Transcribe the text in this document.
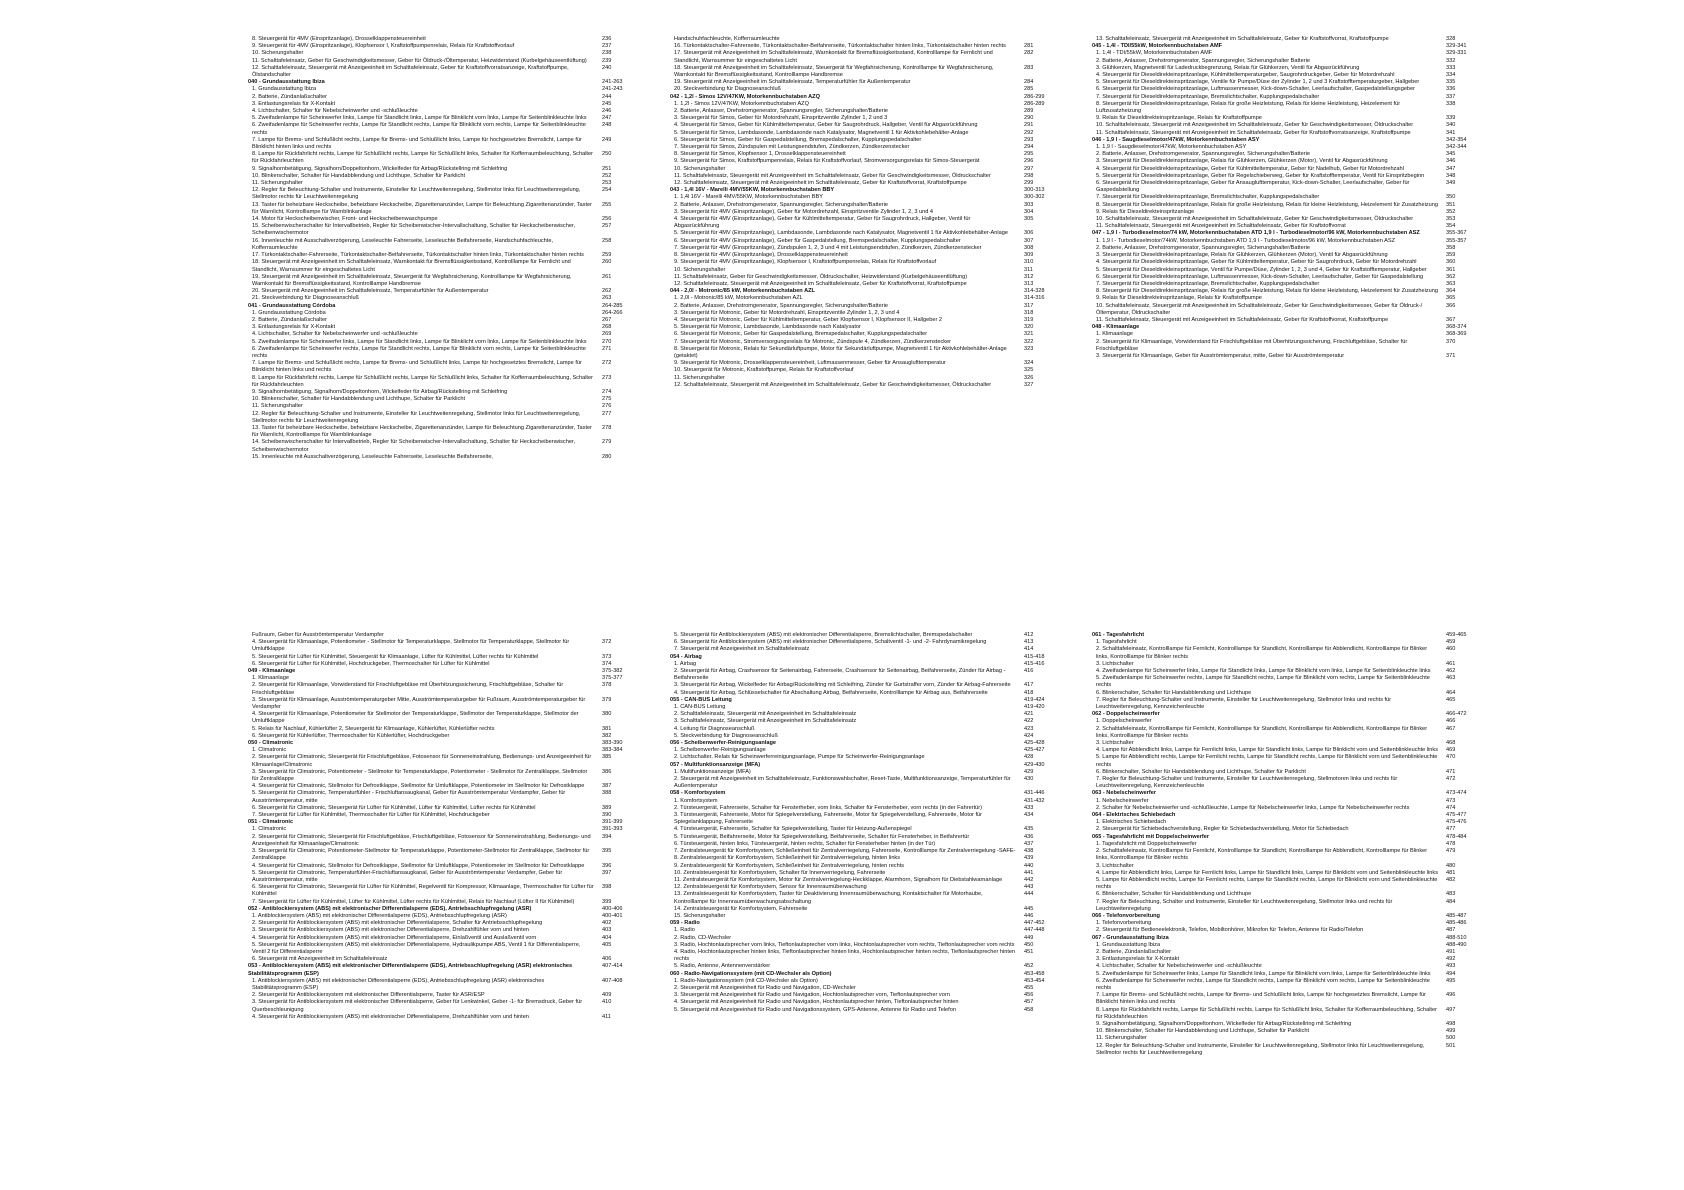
8. Steuergerät für 4MV (Einspritzanlage), Drosselklappensteuereinheit	236
9. Steuergerät für 4MV (Einspritzanlage), Klopfsensor I, Kraftstoffpumpenrelais, Relais für Kraftstoffvorlauf	237
10. Sicherungshalter	238
11. Schalttafeleinsatz, Geber für Geschwindigkeitsmesser, Geber für Öldruck-/Öltemperatur, Heizwiderstand (Kurbelgehäuseentlüftung)	239
12. Schalttafeleinsatz, Steuergerät mit Anzeigeeinheit im Schalttafeleinsatz, Geber für Kraftstoffvorratsanzeige, Kraftstoffpumpe, Ölstandschalter
240
040 - Grundausstattung Ibiza	241-263
1. Grundausstattung Ibiza	241-243
2. Batterie, Zündanlaßschalter	244
3. Entlastungsrelais für X-Kontakt	245
4. Lichtschalter, Schalter für Nebelscheinwerfer und -schlußleuchte	246
5. Zweifadenlampe für Scheinwerfer links, Lampe für Standlicht links, Lampe für Blinklicht vorn links, Lampe für Seitenblinkleuchte links	247
6. Zweifadenlampe für Scheinwerfer rechts, Lampe für Standlicht rechts, Lampe für Blinklicht vorn rechts, Lampe für Seitenblinkleuchte rechts
248
7. Lampe für Brems- und Schlußlicht rechts, Lampe für Brems- und Schlußlicht links, Lampe für hochgesetztes Bremslicht, Lampe für Blinklicht hinten links und rechts
249
8. Lampe für Rückfahrlicht rechts, Lampe für Schlußlicht rechts, Lampe für Schlußlicht links, Schalter für Kofferraumbeleuchtung, Schalter für Rückfahrleuchten
250
9. Signalhornbetätigung, Signalhorn/Doppeltonhorn, Wickelfeder für Airbag/Rückstellring mit Schleifring	251
10. Blinkerschalter, Schalter für Handabblendung und Lichthupe, Schalter für Parklicht	252
11. Sicherungshalter	253
12. Regler für Beleuchtung-Schalter und Instrumente, Einsteller für Leuchtweitenregelung, Stellmotor links für Leuchtweitenregelung, Stellmotor rechts für Leuchtweitenregelung
254
13. Taster für beheizbare Heckscheibe, beheizbare Heckscheibe, Zigarettenanzünder, Lampe für Beleuchtung Zigarettenanzünder, Taster für Warnlicht, Kontrolllampe für Warnblinkanlage
255
14. Motor für Heckscheibenwischer, Front- und Heckscheibenwaschpumpe	256
15. Scheibenwischerschalter für Intervallbetrieb, Regler für Scheibenwischer-Intervallschaltung, Schalter für Heckscheibenwischer, Scheibenwischermotor
257
16. Innenleuchte mit Ausschaltverzögerung, Leseleuchte Fahrerseite, Leseleuchte Beifahrerseite, Handschuhfachleuchte, Kofferraumleuchte
258
17. Türkontaktschalter-Fahrerseite, Türkontaktschalter-Beifahrerseite, Türkontaktschalter hinten links, Türkontaktschalter hinten rechts	259
18. Steuergerät mit Anzeigeeinheit im Schalttafeleinsatz, Warnkontakt für Bremsflüssigkeitsstand, Kontrolllampe für Fernlicht und Standlicht, Warnsummer für eingeschaltetes Licht
260
19. Steuergerät mit Anzeigeeinheit im Schalttafeleinsatz, Steuergerät für Wegfahrsicherung, Kontrolllampe für Wegfahrsicherung, Warnkontakt für Bremsflüssigkeitsstand, Kontrolllampe Handbremse
261
20. Steuergerät mit Anzeigeeinheit im Schalttafeleinsatz, Temperaturfühler für Außentemperatur	262
21. Steckverbindung für Diagnoseanschluß	263
041 - Grundausstattung Córdoba	264-285
1. Grundausstattung Córdoba	264-266
2. Batterie, Zündanlaßschalter	267
3. Entlastungsrelais für X-Kontakt	268
4. Lichtschalter, Schalter für Nebelscheinwerfer und -schlußleuchte	269
5. Zweifadenlampe für Scheinwerfer links, Lampe für Standlicht links, Lampe für Blinklicht vorn links, Lampe für Seitenblinkleuchte links	270
6. Zweifadenlampe für Scheinwerfer rechts, Lampe für Standlicht rechts, Lampe für Blinklicht vorn rechts, Lampe für Seitenblinkleuchte rechts
271
7. Lampe für Brems- und Schlußlicht rechts, Lampe für Brems- und Schlußlicht links, Lampe für hochgesetztes Bremslicht, Lampe für Blinklicht hinten links und rechts
272
8. Lampe für Rückfahrlicht rechts, Lampe für Schlußlicht rechts, Lampe für Schlußlicht links, Schalter für Kofferraumbeleuchtung, Schalter für Rückfahrleuchten
273
9. Signalhornbetätigung, Signalhorn/Doppeltonhorn, Wickelfeder für Airbag/Rückstellring mit Schleifring	274
10. Blinkerschalter, Schalter für Handabblendung und Lichthupe, Schalter für Parklicht	275
11. Sicherungshalter	276
12. Regler für Beleuchtung-Schalter und Instrumente, Einsteller für Leuchtweitenregelung, Stellmotor links für Leuchtweitenregelung, Stellmotor rechts für Leuchtweitenregelung
277
13. Taster für beheizbare Heckscheibe, beheizbare Heckscheibe, Zigarettenanzünder, Lampe für Beleuchtung Zigarettenanzünder, Taster für Warnlicht, Kontrolllampe für Warnblinkanlage
278
14. Scheibenwischerschalter für Intervallbetrieb, Regler für Scheibenwischer-Intervallschaltung, Schalter für Heckscheibenwischer, Scheibenwischermotor
279
15. Innenleuchte mit Ausschaltverzögerung, Leseleuchte Fahrerseite, Leseleuchte Beifahrerseite,	280
Handschuhfachleuchte, Kofferraumleuchte
16. Türkontaktschalter-Fahrerseite, Türkontaktschalter-Beifahrerseite, Türkontaktschalter hinten links, Türkontaktschalter hinten rechts	281
17. Steuergerät mit Anzeigeeinheit im Schalttafeleinsatz, Warnkontakt für Bremsflüssigkeitsstand, Kontrolllampe für Fernlicht und Standlicht, Warnsummer für eingeschaltetes Licht
282
18. Steuergerät mit Anzeigeeinheit im Schalttafeleinsatz, Steuergerät für Wegfahrsicherung, Kontrolllampe für Wegfahrsicherung, Warnkontakt für Bremsflüssigkeitsstand, Kontrolllampe Handbremse
283
19. Steuergerät mit Anzeigeeinheit im Schalttafeleinsatz, Temperaturfühler für Außentemperatur	284
20. Steckverbindung für Diagnoseanschluß	285
042 - 1,2l - Simos 12V/47KW, Motorkennbuchstaben AZQ	286-299
1. 1,2l - Simos 12V/47KW, Motorkennbuchstaben AZQ	286-289
2. Batterie, Anlasser, Drehstromgenerator, Spannungsregler, Sicherungshalter/Batterie	289
3. Steuergerät für Simos, Geber für Motordrehzahl, Einspritzventile Zylinder 1, 2 und 3	290
4. Steuergerät für Simos, Geber für Kühlmitteltemperatur, Geber für Saugrohrdruck, Hallgeber, Ventil für Abgasrückführung	291
5. Steuergerät für Simos, Lambdasonde, Lambdasonde nach Katalysator, Magnetventil 1 für Aktivkohlebehälter-Anlage	292
6. Steuergerät für Simos, Geber für Gaspedalstellung, Bremspedalschalter, Kupplungspedalschalter	293
7. Steuergerät für Simos, Zündspulen mit Leistungsendstufen, Zündkerzen, Zündkerzenstecker	294
8. Steuergerät für Simos, Klopfsensor 1, Drosselklappensteuereinheit	295
9. Steuergerät für Simos, Kraftstoffpumpenrelais, Relais für Kraftstoffvorlauf, Stromversorgungsrelais für Simos-Steuergerät	296
10. Sicherungshalter	297
11. Schalttafeleinsatz, Steuergerät mit Anzeigeeinheit im Schalttafeleinsatz, Geber für Geschwindigkeitsmesser, Öldruckschalter	298
12. Schalttafeleinsatz, Steuergerät mit Anzeigeeinheit im Schalttafeleinsatz, Geber für Kraftstoffvorrat, Kraftstoffpumpe	299
043 - 1,4l 16V - Marelli 4MV/55KW, Motorkennbuchstaben BBY	300-313
1. 1,4l 16V - Marelli 4MV/55KW, Motorkennbuchstaben BBY	300-302
2. Batterie, Anlasser, Drehstromgenerator, Spannungsregler, Sicherungshalter/Batterie	303
3. Steuergerät für 4MV (Einspritzanlage), Geber für Motordrehzahl, Einspritzventile Zylinder 1, 2, 3 und 4	304
4. Steuergerät für 4MV (Einspritzanlage), Geber für Kühlmitteltemperatur, Geber für Saugrohrdruck, Hallgeber, Ventil für Abgasrückführung
305
5. Steuergerät für 4MV (Einspritzanlage), Lambdasonde, Lambdasonde nach Katalysator, Magnetventil 1 für Aktivkohlebehälter-Anlage	306
6. Steuergerät für 4MV (Einspritzanlage), Geber für Gaspedalstellung, Bremspedalschalter, Kupplungspedalschalter	307
7. Steuergerät für 4MV (Einspritzanlage), Zündspulen 1, 2, 3 und 4 mit Leistungsendstufen, Zündkerzen, Zündkerzenstecker	308
8. Steuergerät für 4MV (Einspritzanlage), Drosselklappensteuereinheit	309
9. Steuergerät für 4MV (Einspritzanlage), Klopfsensor I, Kraftstoffpumpenrelais, Relais für Kraftstoffvorlauf	310
10. Sicherungshalter	311
11. Schalttafeleinsatz, Geber für Geschwindigkeitsmesser, Öldruckschalter, Heizwiderstand (Kurbelgehäuseentlüftung)	312
12. Schalttafeleinsatz, Steuergerät mit Anzeigeeinheit im Schalttafeleinsatz, Geber für Kraftstoffvorrat, Kraftstoffpumpe	313
044 - 2,0l - Motronic/85 kW, Motorkennbuchstaben AZL	314-328
1. 2,0l - Motronic/85 kW, Motorkennbuchstaben AZL	314-316
2. Batterie, Anlasser, Drehstromgenerator, Spannungsregler, Sicherungshalter/Batterie	317
3. Steuergerät für Motronic, Geber für Motordrehzahl, Einspritzventile Zylinder 1, 2, 3 und 4	318
4. Steuergerät für Motronic, Geber für Kühlmitteltemperatur, Geber Klopfsensor I, Klopfsensor II, Hallgeber 2	319
5. Steuergerät für Motronic, Lambdasonde, Lambdasonde nach Katalysator	320
6. Steuergerät für Motronic, Geber für Gaspedalstellung, Bremspedalschalter, Kupplungspedalschalter	321
7. Steuergerät für Motronic, Stromversorgungsrelais für Motronic, Zündspule 4, Zündkerzen, Zündkerzenstecker	322
8. Steuergerät für Motronic, Relais für Sekundärluftpumpe, Motor für Sekundärluftpumpe, Magnetventil 1 für Aktivkohlebehälter-Anlage (getaktet)
323
9. Steuergerät für Motronic, Drosselklappensteuereinheit, Luftmassenmesser, Geber für Ansauglufttemperatur	324
10. Steuergerät für Motronic, Kraftstoffpumpe, Relais für Kraftstoffvorlauf	325
11. Sicherungshalter	326
12. Schalttafeleinsatz, Steuergerät mit Anzeigeeinheit im Schalttafeleinsatz, Geber für Geschwindigkeitsmesser, Öldruckschalter	327
13. Schalttafeleinsatz, Steuergerät mit Anzeigeeinheit im Schalttafeleinsatz, Geber für Kraftstoffvorrat, Kraftstoffpumpe	328
045 - 1,4l - TDI/55kW, Motorkennbuchstaben AMF	329-341
1. 1,4l - TDI/55kW, Motorkennbuchstaben AMF	329-331
2. Batterie, Anlasser, Drehstromgenerator, Spannungsregler, Sicherungshalter Batterie	332
3. Glühkerzen, Magnetventil für Ladedruckbegrenzung, Relais für Glühkerzen, Ventil für Abgasrückführung	333
4. Steuergerät für Dieseldirekteinspritzanlage, Kühlmitteltemperaturgeber, Saugrohrdruckgeber, Geber für Motordrehzahl	334
5. Steuergerät für Dieseldirekteinspritzanlage, Ventile für Pumpe/Düse der Zylinder 1, 2 und 3 Kraftstofftemperaturgeber, Hallgeber	335
6. Steuergerät für Dieseldirekteinspritzanlage, Luftmassenmesser, Kick-down-Schalter, Leerlaufschalter, Gaspedalstellungsgeber	336
7. Steuergerät für Dieseldirekteinspritzanlage, Bremslichtschalter, Kupplungspedalschalter	337
8. Steuergerät für Dieseldirekteinspritzanlage, Relais für große Heizleistung, Relais für kleine Heizleistung, Heizelement für Luftzusatzheizung
338
9. Relais für Dieseldirekteinspritzanlage, Relais für Kraftstoffpumpe	339
10. Schalttafeleinsatz, Steuergerät mit Anzeigeeinheit im Schalttafeleinsatz, Geber für Geschwindigkeitsmesser, Öldruckschalter	340
11. Schalttafeleinsatz, Steuergerät mit Anzeigeeinheit im Schalttafeleinsatz, Geber für Kraftstoffvorratsanzeige, Kraftstoffpumpe	341
046 - 1,9 l - Saugdieselmotor/47kW, Motorkennbuchstaben ASY	342-354
1. 1,9 l - Saugdieselmotor/47kW, Motorkennbuchstaben ASY	342-344
2. Batterie, Anlasser, Drehstromgenerator, Spannungsregler, Sicherungshalter/Batterie	345
3. Steuergerät für Dieseldirekteinspritzanlage, Relais für Glühkerzen, Glühkerzen (Motor), Ventil für Abgasrückführung	346
4. Steuergerät für Dieseldirekteinspritzanlage, Geber für Kühlmitteltemperatur, Geber für Nadelhub, Geber für Motordrehzahl	347
5. Steuergerät für Dieseldirekteinspritzanlage, Geber für Regelschieberweg, Geber für Kraftstofftemperatur, Ventil für Einspritzbeginn	348
6. Steuergerät für Dieseldirekteinspritzanlage, Geber für Ansauglufttemperatur, Kick-down-Schalter, Leerlaufschalter, Geber für Gaspedalstellung
349
7. Steuergerät für Dieseldirekteinspritzanlage, Bremslichtschalter, Kupplungspedalschalter	350
8. Steuergerät für Dieseldirekteinspritzanlage, Relais für große Heizleistung, Relais für kleine Heizleistung, Heizelement für Zusatzheizung	351
9. Relais für Dieseldirekteinspritzanlage	352
10. Schalttafeleinsatz, Steuergerät mit Anzeigeeinheit im Schalttafeleinsatz, Geber für Geschwindigkeitsmesser, Öldruckschalter	353
11. Schalttafeleinsatz, Steuergerät mit Anzeigeeinheit im Schalttafeleinsatz, Geber für Kraftstoffvorrat	354
047 - 1,9 l - Turbodieselmotor/74 kW, Motorkennbuchstaben ATD 1,9 l - Turbodieselmotor/96 kW, Motorkennbuchstaben ASZ	355-367
1. 1,9 l - Turbodieselmotor/74kW, Motorkennbuchstaben ATD 1,9 l - Turbodieselmotor/96 kW, Motorkennbuchstaben ASZ	355-357
2. Batterie, Anlasser, Drehstromgenerator, Spannungsregler, Sicherungshalter/Batterie	358
3. Steuergerät für Dieseldirekteinspritzanlage, Relais für Glühkerzen, Glühkerzen (Motor), Ventil für Abgasrückführung	359
4. Steuergerät für Dieseldirekteinspritzanlage, Geber für Kühlmitteltemperatur, Geber für Saugrohrdruck, Geber für Motordrehzahl	360
5. Steuergerät für Dieseldirekteinspritzanlage, Ventil für Pumpe/Düse, Zylinder 1, 2, 3 und 4, Geber für Kraftstofftemperatur, Hallgeber	361
6. Steuergerät für Dieseldirekteinspritzanlage, Luftmassenmesser, Kick-down-Schalter, Leerlaufschalter, Geber für Gaspedalstellung	362
7. Steuergerät für Dieseldirekteinspritzanlage, Bremslichtschalter, Kupplungspedalschalter	363
8. Steuergerät für Dieseldirekteinspritzanlage, Relais für große Heizleistung, Relais für kleine Heizleistung, Heizelement für Zusatzheizung	364
9. Relais für Dieseldirekteinspritzanlage, Relais für Kraftstoffpumpe	365
10. Schalttafeleinsatz, Steuergerät mit Anzeigeeinheit im Schalttafeleinsatz, Geber für Geschwindigkeitsmesser, Geber für Öldruck-/Öltemperatur, Öldruckschalter
366
11. Schalttafeleinsatz, Steuergerät mit Anzeigeeinheit im Schalttafeleinsatz, Geber für Kraftstoffvorrat, Kraftstoffpumpe	367
048 - Klimaanlage	368-374
1. Klimaanlage	368-369
2. Steuergerät für Klimaanlage, Vorwiderstand für Frischluftgebläse mit Überhitzungssicherung, Frischluftgebläse, Schalter für Frischluftgebläse
370
3. Steuergerät für Klimaanlage, Geber für Ausströmtemperatur, mitte, Geber für Ausströmtemperatur	371
Fußraum, Geber für Ausströmtemperatur Verdampfer
4. Steuergerät für Klimaanlage, Potentiometer - Stellmotor für Temperaturklappe, Stellmotor für Temperaturklappe, Stellmotor für Umluftklappe
372
5. Steuergerät für Lüfter für Kühlmittel, Steuergerät für Klimaanlage, Lüfter für Kühlmittel, Lüfter rechts für Kühlmittel	373
6. Steuergerät für Lüfter für Kühlmittel, Hochdruckgeber, Thermoschalter für Lüfter für Kühlmittel	374
049 - Klimaanlage	375-382
1. Klimaanlage	375-377
2. Steuergerät für Klimaanlage, Vorwiderstand für Frischluftgebläse mit Überhitzungssicherung, Frischluftgebläse, Schalter für Frischluftgebläse
378
3. Steuergerät für Klimaanlage, Ausströmtemperaturgeber Mitte, Ausströmtemperaturgeber für Fußraum, Ausströmtemperaturgeber für Verdampfer
379
4. Steuergerät für Klimaanlage, Potentiometer für Stellmotor der Temperaturklappe, Stellmotor der Temperaturklappe, Stellmotor der Umluftklappe
380
5. Relais für Nachlauf, Kühlerlüfter 2, Steuergerät für Klimaanlage, Kühlerlüfter, Kühlerlüfter rechts	381
6. Steuergerät für Kühlerlüfter, Thermoschalter für Kühlerlüfter, Hochdruckgeber	382
050 - Climatronic	383-390
1. Climatronic	383-384
2. Steuergerät für Climatronic, Steuergerät für Frischluftgebläse, Fotosensor für Sonneneinstrahlung, Bedienungs- und Anzeigeeinheit für Klimaanlage/Climatronic
385
3. Steuergerät für Climatronic, Potentiometer - Stellmotor für Temperaturklappe, Potentiometer - Stellmotor für Zentralklappe, Stellmotor für Zentralklappe
386
4. Steuergerät für Climatronic, Stellmotor für Defrostklappe, Stellmotor für Umluftklappe, Potentiometer im Stellmotor für Defrostklappe	387
5. Steuergerät für Climatronic, Temperaturfühler - Frischluftansaugkanal, Geber für Ausströmtemperatur Verdampfer, Geber für Ausströmtemperatur, mitte
388
6. Steuergerät für Climatronic, Steuergerät für Lüfter für Kühlmittel, Lüfter für Kühlmittel, Lüfter rechts für Kühlmittel	389
7. Steuergerät für Lüfter für Kühlmittel, Thermoschalter für Lüfter für Kühlmittel, Hochdruckgeber	390
051 - Climatronic	391-399
1. Climatronic	391-393
2. Steuergerät für Climatronic, Steuergerät für Frischluftgebläse, Frischluftgebläse, Fotosensor für Sonneneinstrahlung, Bedienungs- und Anzeigeeinheit für Klimaanlage/Climatronic
394
3. Steuergerät für Climatronic, Potentiometer-Stellmotor für Temperaturklappe, Potentiometer-Stellmotor für Zentralklappe, Stellmotor für Zentralklappe
395
4. Steuergerät für Climatronic, Stellmotor für Defrostklappe, Stellmotor für Umluftklappe, Potentiometer im Stellmotor für Defrostklappe	396
5. Steuergerät für Climatronic, Temperaturfühler-Frischluftansaugkanal, Geber für Ausströmtemperatur Verdampfer, Geber für Ausströmtemperatur, mitte
397
6. Steuergerät für Climatronic, Steuergerät für Lüfter für Kühlmittel, Regelventil für Kompressor, Klimaanlage, Thermoschalter für Lüfter für Kühlmittel
398
7. Steuergerät für Lüfter für Kühlmittel, Lüfter für Kühlmittel, Lüfter rechts für Kühlmittel, Relais für Nachlauf (Lüfter II für Kühlmittel)	399
052 - Antiblockiersystem (ABS) mit elektronischer Differentialsperre (EDS), Antriebsschlupfregelung (ASR)	400-406
1. Antiblockiersystem (ABS) mit elektronischer Differentialsperre (EDS), Antriebsschlupfregelung (ASR)	400-401
2. Steuergerät für Antiblockiersystem (ABS) mit elektronischer Differentialsperre, Schalter für Antriebsschlupfregelung	402
3. Steuergerät für Antiblockiersystem (ABS) mit elektronischer Differentialsperre, Drehzahlfühler vorn und hinten	403
4. Steuergerät für Antiblockiersystem (ABS) mit elektronischer Differentialsperre, Einlaßventil und Auslaßventil vorn	404
5. Steuergerät für Antiblockiersystem (ABS) mit elektronischer Differentialsperre, Hydraulikpumpe ABS, Ventil 1 für Differentialsperre, Ventil 2 für Differentialsperre
405
6. Steuergerät mit Anzeigeeinheit im Schalttafeleinsatz	406
053 - Antiblockiersystem (ABS) mit elektronischer Differentialsperre (EDS), Antriebsschlupfregelung (ASR) elektronisches Stabilitätsprogramm (ESP)
407-414
1. Antiblockiersystem (ABS) mit elektronischer Differentialsperre (EDS), Antriebsschlupfregelung (ASR) elektronisches Stabilitätsprogramm (ESP)
407-408
2. Steuergerät für Antiblockiersystem mit elektronischer Differentialsperre, Taster für ASR/ESP	409
3. Steuergerät für Antiblockiersystem mit elektronischer Differentialsperre, Geber für Lenkwinkel, Geber -1- für Bremsdruck, Geber für Querbeschleunigung
410
4. Steuergerät für Antiblockiersystem (ABS) mit elektronischer Differentialsperre, Drehzahlfühler vorn und hinten	411
5. Steuergerät für Antiblockiersystem (ABS) mit elektronischer Differentialsperre, Bremslichtschalter, Bremspedalschalter	412
6. Steuergerät für Antiblockiersystem (ABS) mit elektronischer Differentialsperre, Schaltventil -1- und -2- Fahrdynamikregelung	413
7. Steuergerät mit Anzeigeeinheit im Schalttafeleinsatz	414
054 - Airbag	415-418
1. Airbag	415-416
2. Steuergerät für Airbag, Crashsensor für Seitenairbag, Fahrerseite, Crashsensor für Seitenairbag, Beifahrerseite, Zünder für Airbag - Beifahrerseite
416
3. Steuergerät für Airbag, Wickelfeder für Airbag/Rückstellring mit Schleifring, Zünder für Gurtstraffer vorn, Zünder für Airbag-Fahrerseite	417
4. Steuergerät für Airbag, Schlüsselschalter für Abschaltung Airbag, Beifahrerseite, Kontrolllampe für Airbag aus, Beifahrerseite	418
055 - CAN-BUS Leitung	419-424
1. CAN-BUS Leitung	419-420
2. Schalttafeleinsatz, Steuergerät mit Anzeigeeinheit im Schalttafeleinsatz	421
3. Schalttafeleinsatz, Steuergerät mit Anzeigeeinheit im Schalttafeleinsatz	422
4. Leitung für Diagnoseanschluß	423
5. Steckverbindung für Diagnoseanschluß	424
056 - Scheibenwerfer-Reinigungsanlage	425-428
1. Scheibenwerfer-Reinigungsanlage	425-427
2. Lichtschalter, Relais für Scheinwerferreinigungsanlage, Pumpe für Scheinwerfer-Reinigungsanlage	428
057 - Multifunktionsanzeige (MFA)	429-430
1. Multifunktionsanzeige (MFA)	429
2. Steuergerät mit Anzeigeeinheit im Schalttafeleinsatz, Funktionswahlschalter, Reset-Taste, Multifunktionsanzeige, Temperaturfühler für Außentemperatur
430
058 - Komfortsystem	431-446
1. Komfortsystem	431-432
2. Türsteuergerät, Fahrerseite, Schalter für Fensterheber, vorn links, Schalter für Fensterheber, vorn rechts (in der Fahrertür)	433
3. Türsteuergerät, Fahrerseite, Motor für Spiegelverstellung, Fahrerseite, Motor für Spiegelverstellung, Fahrerseite, Motor für Spiegelanklappung, Fahrerseite
434
4. Türsteuergerät, Fahrerseite, Schalter für Spiegelverstellung, Taster für Heizung-Außenspiegel	435
5. Türsteuergerät, Beifahrerseite, Motor für Spiegelverstellung, Beifahrerseite, Schalter für Fensterheber, in Beifahrertür	436
6. Türsteuergerät, hinten links, Türsteuergerät, hinten rechts, Schalter für Fensterheber hinten (in der Tür)	437
7. Zentralsteuergerät für Komfortsystem, Schließeinheit für Zentralverriegelung, Fahrerseite, Kontrolllampe für Zentralverriegelung -SAFE-	438
8. Zentralsteuergerät für Komfortsystem, Schließeinheit für Zentralverriegelung, hinten links	439
9. Zentralsteuergerät für Komfortsystem, Schließeinheit für Zentralverriegelung, hinten rechts	440
10. Zentralsteuergerät für Komfortsystem, Schalter für Innenverriegelung, Fahrerseite	441
11. Zentralsteuergerät für Komfortsystem, Motor für Zentralverriegelung-Heckklappe, Alarmhorn, Signalhorn für Diebstahlwarnanlage	442
12. Zentralsteuergerät für Komfortsystem, Sensor für Innenraumüberwachung	443
13. Zentralsteuergerät für Komfortsystem, Taster für Deaktivierung Innenraumüberwachung, Kontaktschalter für Motorhaube, Kontrolllampe für Innenraumüberwachungsabschaltung
444
14. Zentralsteuergerät für Komfortsystem, Fahrerseite	445
15. Sicherungshalter	446
059 - Radio	447-452
1. Radio	447-448
2. Radio, CD-Wechsler	449
3. Radio, Hochtonlautsprecher vorn links, Tieftonlautsprecher vorn links, Hochtonlautsprecher vorn rechts, Tieftonlautsprecher vorn rechts	450
4. Radio, Hochtonlautsprecher hinten links, Tieftonlautsprecher hinten links, Hochtonlautsprecher hinten rechts, Tieftonlautsprecher hinten rechts
451
5. Radio, Antenne, Antennenverstärker	452
060 - Radio-Navigationssystem (mit CD-Wechsler als Option)	453-458
1. Radio-Navigationssystem (mit CD-Wechsler als Option)	453-454
2. Steuergerät mit Anzeigeeinheit für Radio und Navigation, CD-Wechsler	455
3. Steuergerät mit Anzeigeeinheit für Radio und Navigation, Hochtonlautsprecher vorn, Tieftonlautsprecher vorn	456
4. Steuergerät mit Anzeigeeinheit für Radio und Navigation, Hochtonlautsprecher hinten, Tieftonlautsprecher hinten	457
5. Steuergerät mit Anzeigeeinheit für Radio und Navigationssystem, GPS-Antenne, Antenne für Radio und Telefon	458
061 - Tagesfahrlicht	459-465
1. Tagesfahrlicht	459
2. Schalttafeleinsatz, Kontrolllampe für Fernlicht, Kontrolllampe für Standlicht, Kontrolllampe für Abblendlicht, Kontrolllampe für Blinker links, Kontrolllampe für Blinker rechts
460
3. Lichtschalter	461
4. Zweifadenlampe für Scheinwerfer links, Lampe für Standlicht links, Lampe für Blinklicht vorn links, Lampe für Seitenblinkleuchte links	462
5. Zweifadenlampe für Scheinwerfer rechts, Lampe für Standlicht rechts, Lampe für Blinklicht vorn rechts, Lampe für Seitenblinkleuchte rechts
463
6. Blinkerschalter, Schalter für Handabblendung und Lichthupe	464
7. Regler für Beleuchtung-Schalter und Instrumente, Einsteller für Leuchtweitenregelung, Stellmotor links und rechts für Leuchtweitenregelung, Kennzeichenleuchte
465
062 - Doppelscheinwerfer	466-472
1. Doppelscheinwerfer	466
2. Schalttafeleinsatz, Kontrolllampe für Fernlicht, Kontrolllampe für Standlicht, Kontrolllampe für Abblendlicht, Kontrolllampe für Blinker links, Kontrolllampe für Blinker rechts
467
3. Lichtschalter	468
4. Lampe für Abblendlicht links, Lampe für Fernlicht links, Lampe für Standlicht links, Lampe für Blinklicht vorn und Seitenblinkleuchte links	469
5. Lampe für Abblendlicht rechts, Lampe für Fernlicht rechts, Lampe für Standlicht rechts, Lampe für Blinklicht vorn und Seitenblinkleuchte rechts
470
6. Blinkerschalter, Schalter für Handabblendung und Lichthupe, Schalter für Parklicht	471
7. Regler für Beleuchtung-Schalter und Instrumente, Einsteller für Leuchtweitenregelung, Stellmotoren links und rechts für Leuchtweitenregelung, Kennzeichenleuchte
472
063 - Nebelscheinwerfer	473-474
1. Nebelscheinwerfer	473
2. Schalter für Nebelscheinwerfer und -schlußleuchte, Lampe für Nebelscheinwerfer links, Lampe für Nebelscheinwerfer rechts	474
064 - Elektrisches Schiebedach	475-477
1. Elektrisches Schiebedach	475-476
2. Steuergerät für Schiebedachverstellung, Regler für Schiebedachverstellung, Motor für Schiebedach	477
065 - Tagesfahrlicht mit Doppelscheinwerfer	478-484
1. Tagesfahrlicht mit Doppelscheinwerfer	478
2. Schalttafeleinsatz, Kontrolllampe für Fernlicht, Kontrolllampe für Standlicht, Kontrolllampe für Abblendlicht, Kontrolllampe für Blinker links, Kontrolllampe für Blinker rechts
479
3. Lichtschalter	480
4. Lampe für Abblendlicht links, Lampe für Fernlicht links, Lampe für Standlicht links, Lampe für Blinklicht vorn und Seitenblinkleuchte links	481
5. Lampe für Abblendlicht rechts, Lampe für Fernlicht rechts, Lampe für Standlicht rechts, Lampe für Blinklicht vorn und Seitenblinkleuchte rechts
482
6. Blinkerschalter, Schalter für Handabblendung und Lichthupe	483
7. Regler für Beleuchtung, Schalter und Instrumente, Einsteller für Leuchtweitenregelung, Stellmotor links und rechts für Leuchtweitenregelung
484
066 - Telefonvorbereitung	485-487
1. Telefonvorbereitung	485-486
2. Steuergerät für Bedieneelektronik, Telefon, Mobiltonhörer, Mikrofon für Telefon, Antenne für Radio/Telefon	487
067 - Grundausstattung Ibiza	488-510
1. Grundausstattung Ibiza	488-490
2. Batterie, Zündanlaßschalter	491
3. Entlastungsrelais für X-Kontakt	492
4. Lichtschalter, Schalter für Nebelscheinwerfer und -schlußleuchte	493
5. Zweifadenlampe für Scheinwerfer links, Lampe für Standlicht links, Lampe für Blinklicht vorn links, Lampe für Seitenblinkleuchte links	494
6. Zweifadenlampe für Scheinwerfer rechts, Lampe für Standlicht rechts, Lampe für Blinklicht vorn rechts, Lampe für Seitenblinkleuchte rechts
495
7. Lampe für Brems- und Schlußlicht rechts, Lampe für Brems- und Schlußlicht links, Lampe für hochgesetztes Bremslicht, Lampe für Blinklicht hinten links und rechts
496
8. Lampe für Rückfahrlicht rechts, Lampe für Schlußlicht rechts, Lampe für Schlußlicht links, Schalter für Kofferraumbeleuchtung, Schalter für Rückfahrleuchten
497
9. Signalhornbetätigung, Signalhorn/Doppeltonhorn, Wickelfeder für Airbag/Rückstellring mit Schleifring	498
10. Blinkerschalter, Schalter für Handabblendung und Lichthupe, Schalter für Parklicht	499
11. Sicherungshalter	500
12. Regler für Beleuchtung-Schalter und Instrumente, Einsteller für Leuchtweitenregelung, Stellmotor links für Leuchtweitenregelung, Stellmotor rechts für Leuchtweitenregelung
501
